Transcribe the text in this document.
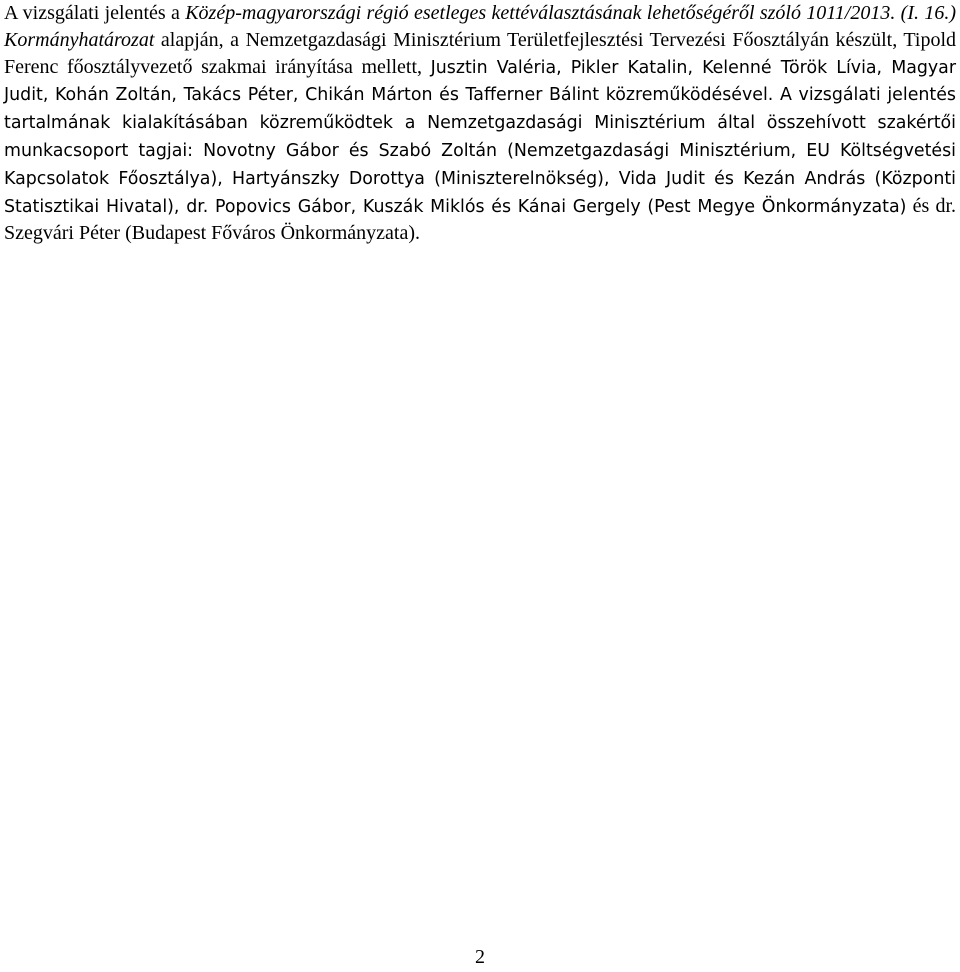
A vizsgálati jelentés a Közép-magyarországi régió esetleges kettéválasztásának lehetőségéről szóló 1011/2013. (I. 16.) Kormányhatározat alapján, a Nemzetgazdasági Minisztérium Területfejlesztési Tervezési Főosztályán készült, Tipold Ferenc főosztályvezető szakmai irányítása mellett, Jusztin Valéria, Pikler Katalin, Kelenné Török Lívia, Magyar Judit, Kohán Zoltán, Takács Péter, Chikán Márton és Tafferner Bálint közreműködésével. A vizsgálati jelentés tartalmának kialakításában közreműködtek a Nemzetgazdasági Minisztérium által összehívott szakértői munkacsoport tagjai: Novotny Gábor és Szabó Zoltán (Nemzetgazdasági Minisztérium, EU Költségvetési Kapcsolatok Főosztálya), Hartyánszky Dorottya (Miniszterelnökség), Vida Judit és Kezán András (Központi Statisztikai Hivatal), dr. Popovics Gábor, Kuszák Miklós és Kánai Gergely (Pest Megye Önkormányzata) és dr. Szegvári Péter (Budapest Főváros Önkormányzata).

2
